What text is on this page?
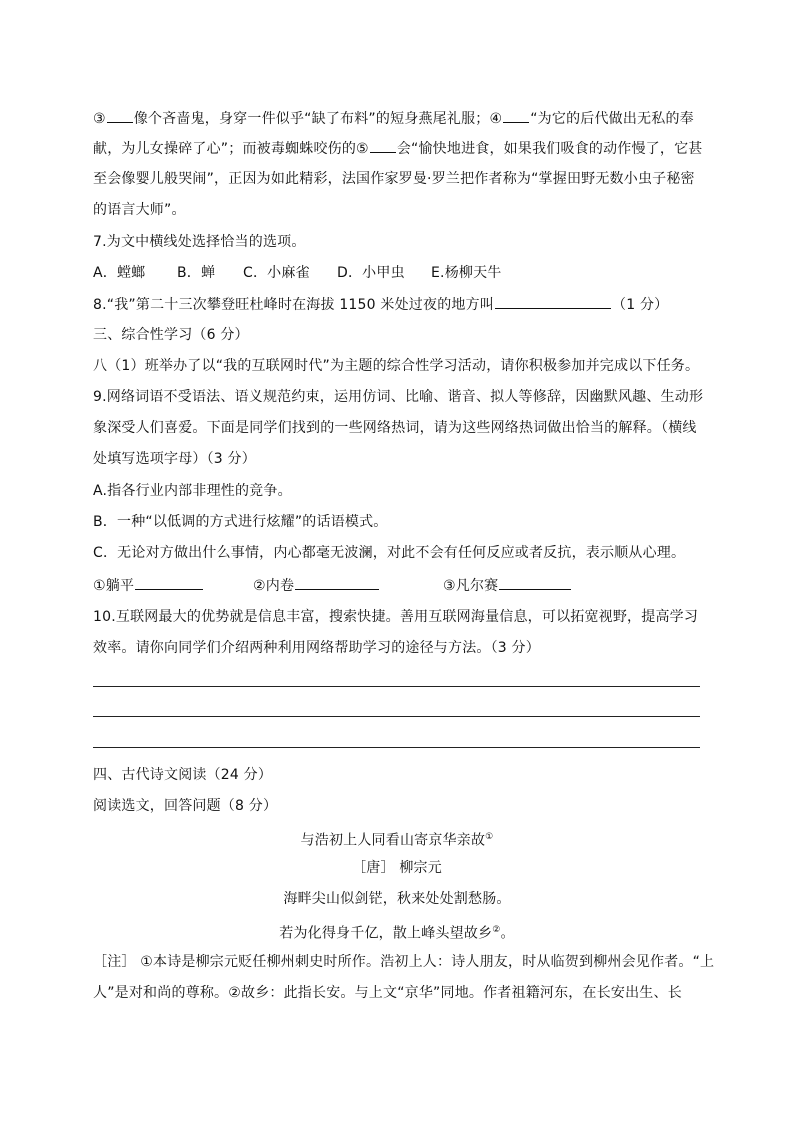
③ 像个吝啬鬼，身穿一件似乎“缺了布料”的短身燕尾礼服；④ “为它的后代做出无私的奉
献，为儿女操碎了心”；而被毒蜘蛛咬伤的⑤ 会“愉快地进食，如果我们吸食的动作慢了，它甚
至会像婴儿般哭闹”，正因为如此精彩，法国作家罗曼·罗兰把作者称为“掌握田野无数小虫子秘密
的语言大师”。
7.为文中横线处选择恰当的选项。
A．螳螂 B．蝉 C．小麻雀 D．小甲虫 E.杨柳天牛
8.“我”第二十三次攀登旺杜峰时在海拔 1150 米处过夜的地方叫	（1 分）
三、综合性学习（6 分）
八（1）班举办了以“我的互联网时代”为主题的综合性学习活动，请你积极参加并完成以下任务。
9.网络词语不受语法、语义规范约束，运用仿词、比喻、谐音、拟人等修辞，因幽默风趣、生动形
象深受人们喜爱。下面是同学们找到的一些网络热词，请为这些网络热词做出恰当的解释。（横线
处填写选项字母）（3 分）
A.指各行业内部非理性的竞争。
B．一种“以低调的方式进行炫耀”的话语模式。
C．无论对方做出什么事情，内心都毫无波澜，对此不会有任何反应或者反抗，表示顺从心理。
①躺平	②内卷	③凡尔赛
10.互联网最大的优势就是信息丰富，搜索快捷。善用互联网海量信息，可以拓宽视野，提高学习
效率。请你向同学们介绍两种利用网络帮助学习的途径与方法。（3 分）
四、古代诗文阅读（24 分）
阅读选文，回答问题（8 分）
与浩初上人同看山寄京华亲故①
［唐］ 柳宗元
海畔尖山似剑铓，秋来处处割愁肠。
若为化得身千亿，散上峰头望故乡②。
［注］ ①本诗是柳宗元贬任柳州刺史时所作。浩初上人：诗人朋友，时从临贺到柳州会见作者。“上
人”是对和尚的尊称。②故乡：此指长安。与上文“京华”同地。作者祖籍河东，在长安出生、长
